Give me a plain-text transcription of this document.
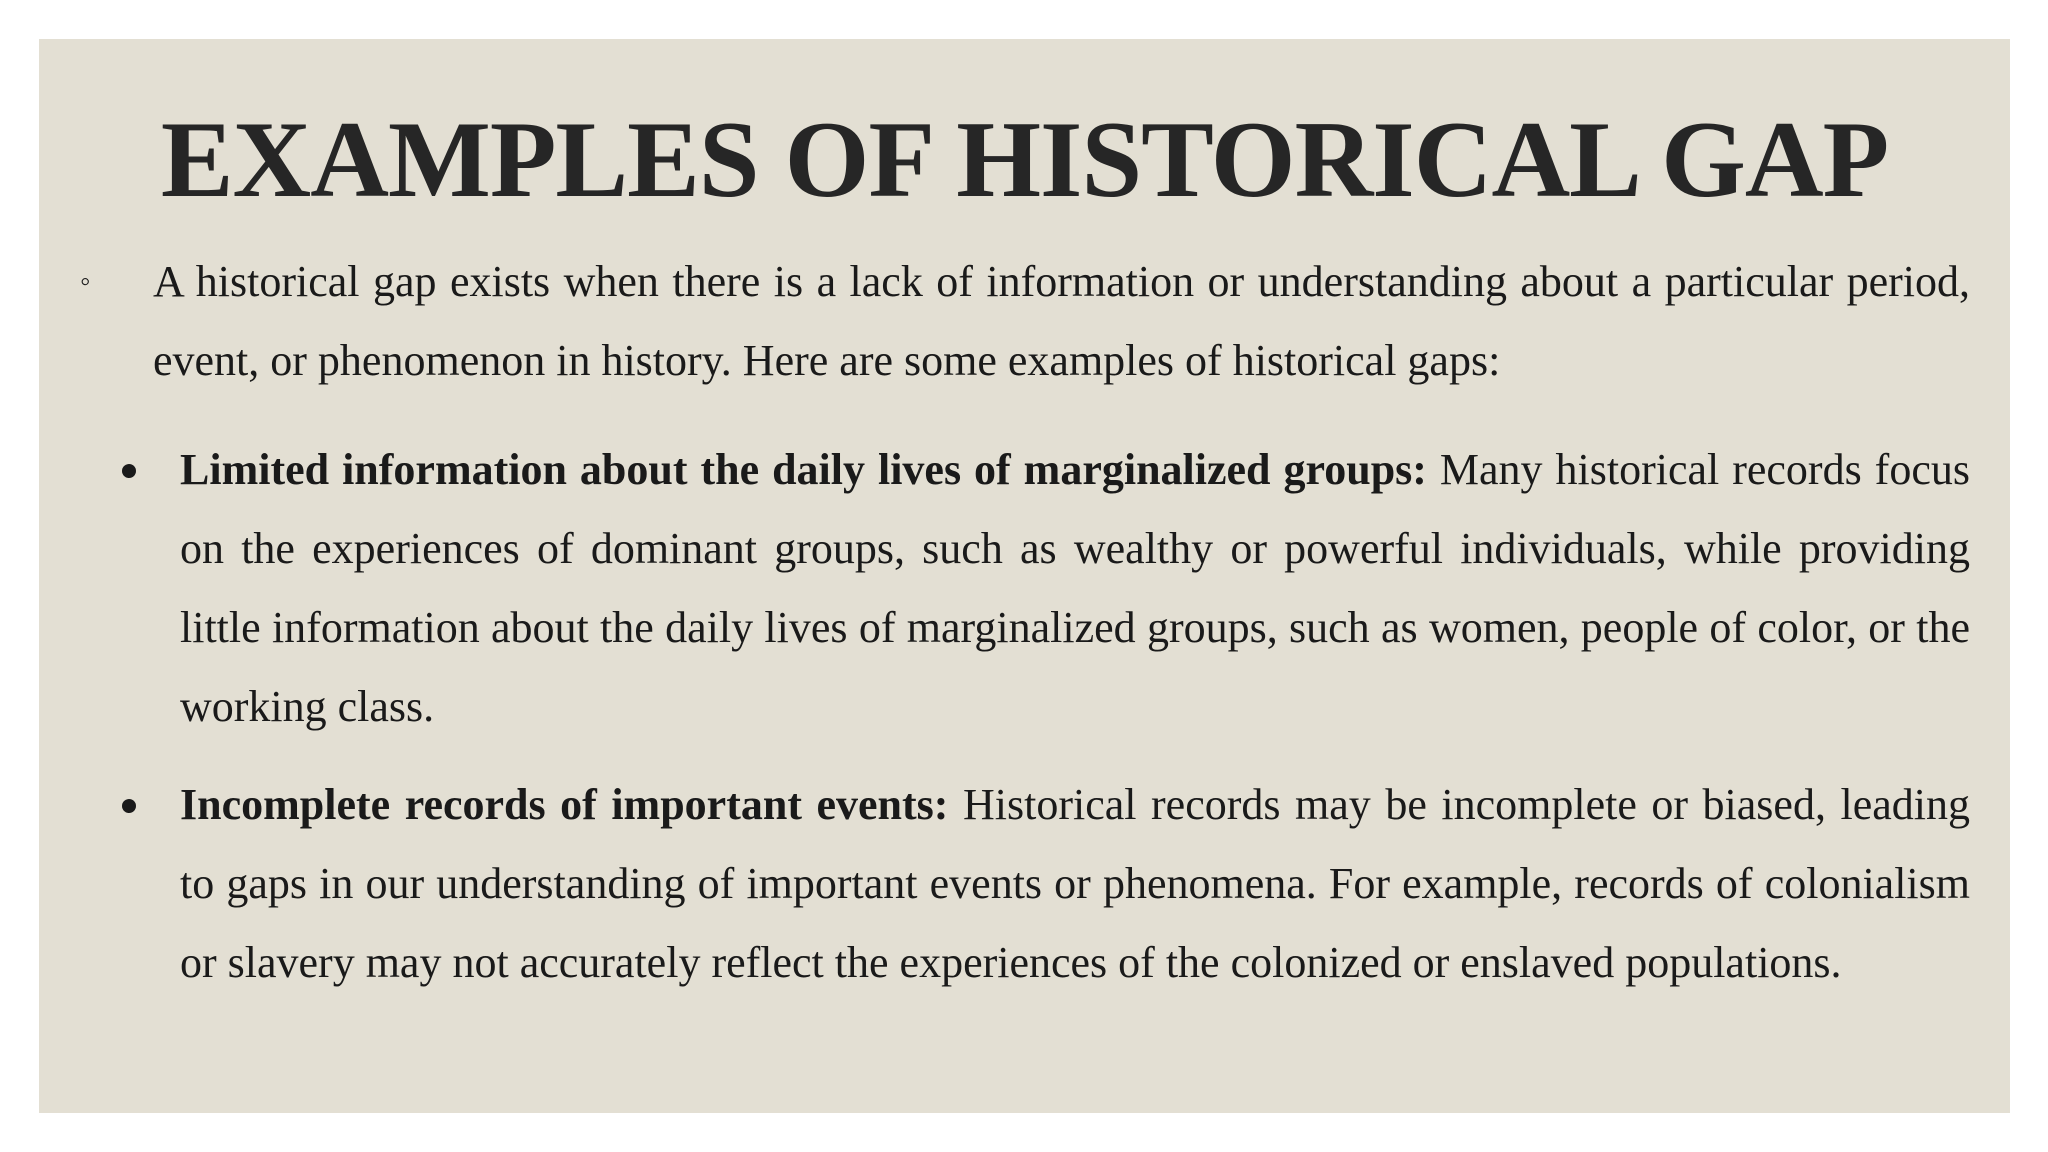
EXAMPLES OF HISTORICAL GAP
◦	A historical gap exists when there is a lack of information or understanding about a particular period, event, or phenomenon in history. Here are some examples of historical gaps:
Limited information about the daily lives of marginalized groups: Many historical records focus on the experiences of dominant groups, such as wealthy or powerful individuals, while providing little information about the daily lives of marginalized groups, such as women, people of color, or the working class.
Incomplete records of important events: Historical records may be incomplete or biased, leading to gaps in our understanding of important events or phenomena. For example, records of colonialism or slavery may not accurately reflect the experiences of the colonized or enslaved populations.
